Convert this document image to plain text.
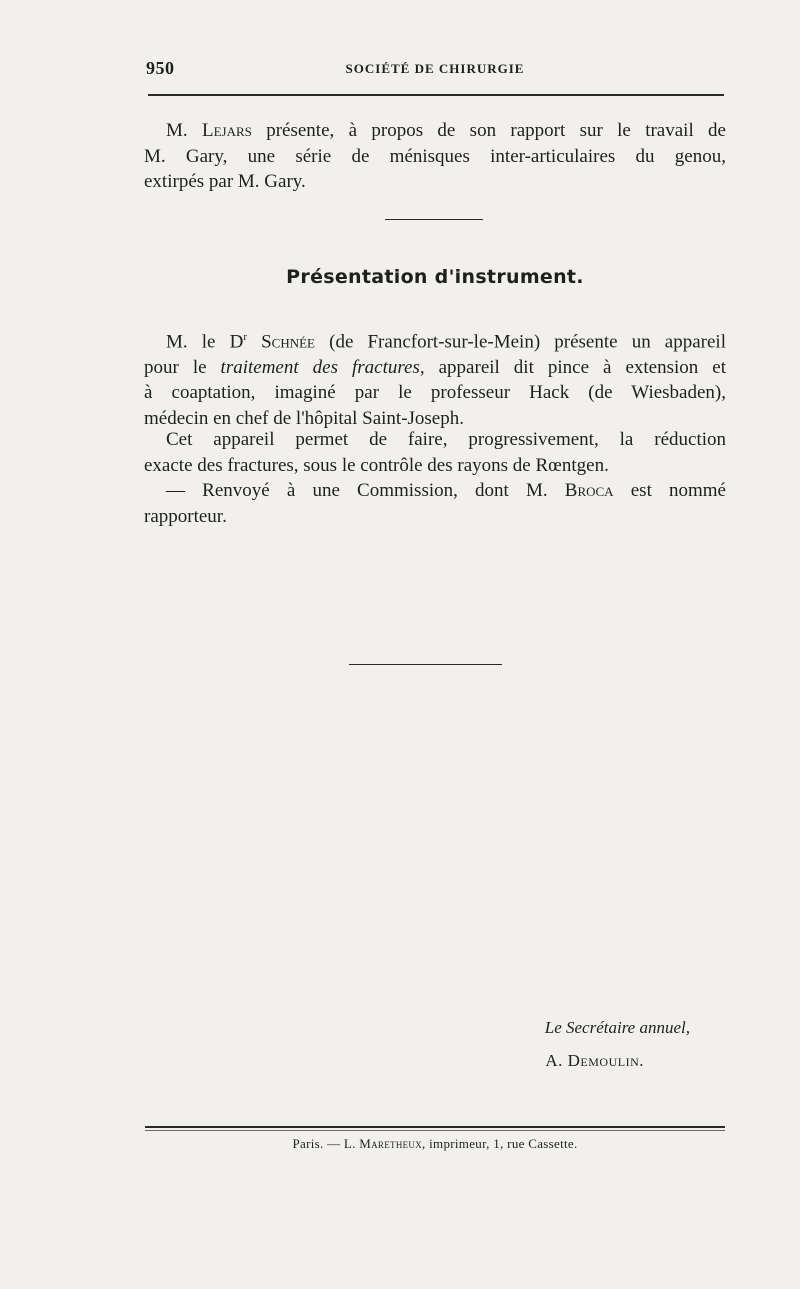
950	SOCIÉTÉ DE CHIRURGIE
M. Lejars présente, à propos de son rapport sur le travail de
M. Gary, une série de ménisques inter-articulaires du genou,
extirpés par M. Gary.
Présentation d'instrument.
M. le $D^r$ Schnée (de Francfort-sur-le-Mein) présente un appareil
pour le traitement des fractures, appareil dit pince à extension et
à coaptation, imaginé par le professeur Hack (de Wiesbaden),
médecin en chef de l'hôpital Saint-Joseph.
Cet appareil permet de faire, progressivement, la réduction
exacte des fractures, sous le contrôle des rayons de Rœntgen.
— Renvoyé à une Commission, dont M. Broca est nommé
rapporteur.
Le Secrétaire annuel,
A. Demoulin.
Paris. — L. Maretheux, imprimeur, 1, rue Cassette.
